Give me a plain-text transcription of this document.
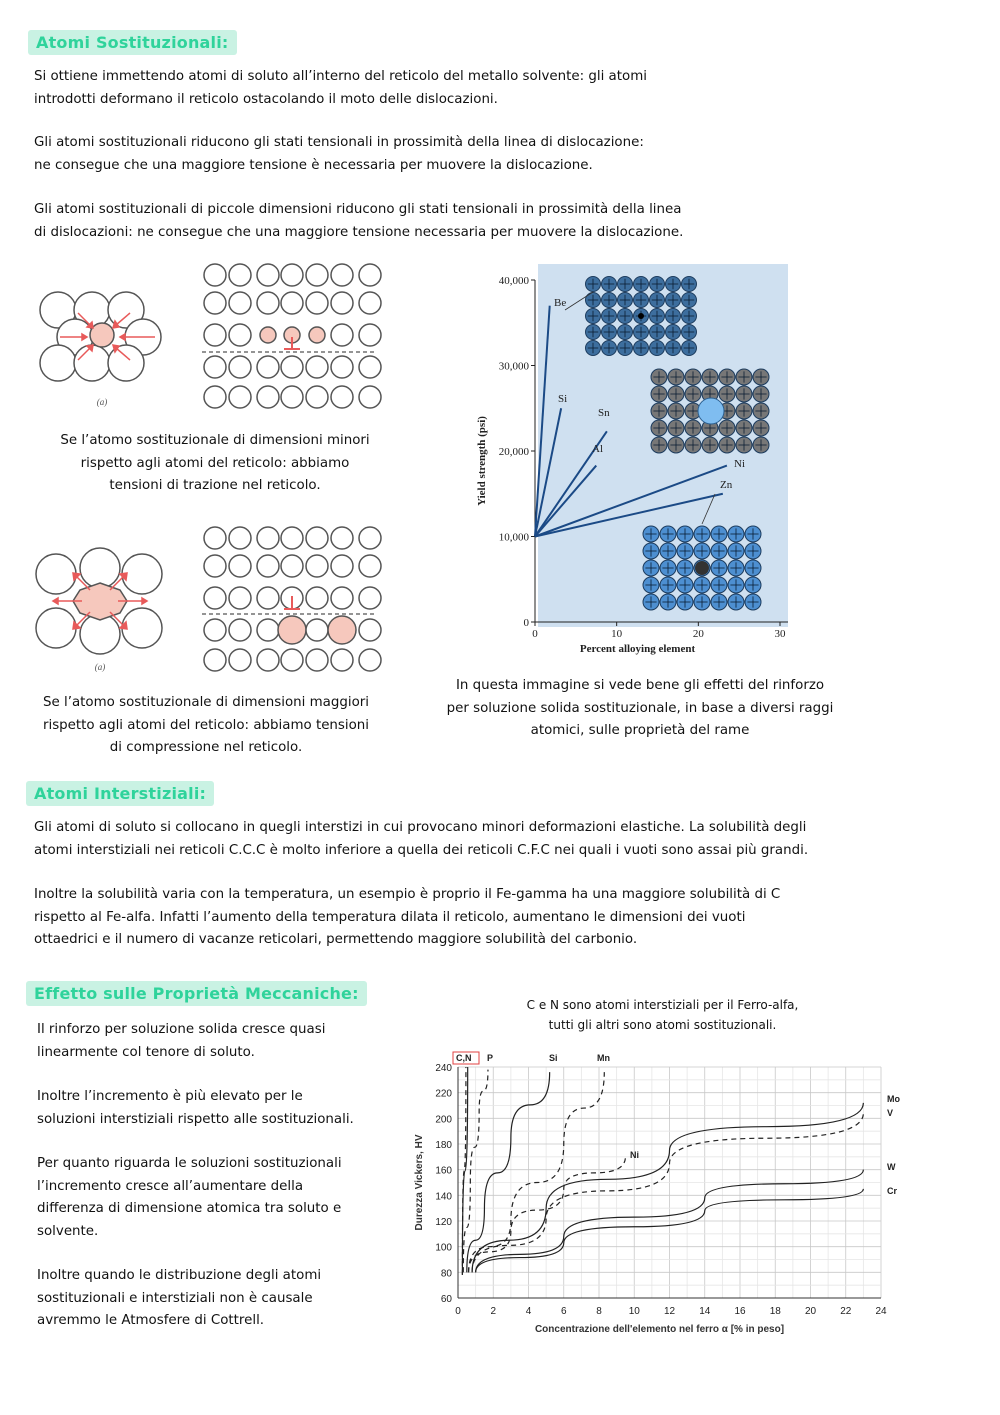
Atomi Sostituzionali:
Si ottiene immettendo atomi di soluto all’interno del reticolo del metallo solvente: gli atomi
introdotti deformano il reticolo ostacolando il moto delle dislocazioni.
Gli atomi sostituzionali riducono gli stati tensionali in prossimità della linea di dislocazione:
ne consegue che una maggiore tensione è necessaria per muovere la dislocazione.
Gli atomi sostituzionali di piccole dimensioni riducono gli stati tensionali in prossimità della linea
di dislocazioni: ne consegue che una maggiore tensione necessaria per muovere la dislocazione.
(a)
Se l’atomo sostituzionale di dimensioni minori
rispetto agli atomi del reticolo: abbiamo
tensioni di trazione nel reticolo.
(a)
Se l’atomo sostituzionale di dimensioni maggiori
rispetto agli atomi del reticolo: abbiamo tensioni
di compressione nel reticolo.
0
10,000
20,000
30,000
40,000
0	10	20	30
Percent alloying element
Yield strength (psi)
Be
Si
Sn
Al
Ni
Zn
In questa immagine si vede bene gli effetti del rinforzo
per soluzione solida sostituzionale, in base a diversi raggi
atomici, sulle proprietà del rame
Atomi Interstiziali:
Gli atomi di soluto si collocano in quegli interstizi in cui provocano minori deformazioni elastiche. La solubilità degli
atomi interstiziali nei reticoli C.C.C è molto inferiore a quella dei reticoli C.F.C nei quali i vuoti sono assai più grandi.
Inoltre la solubilità varia con la temperatura, un esempio è proprio il Fe-gamma ha una maggiore solubilità di C
rispetto al Fe-alfa. Infatti l’aumento della temperatura dilata il reticolo, aumentano le dimensioni dei vuoti
ottaedrici e il numero di vacanze reticolari, permettendo maggiore solubilità del carbonio.
Effetto sulle Proprietà Meccaniche:
Il rinforzo per soluzione solida cresce quasi
linearmente col tenore di soluto.
Inoltre l’incremento è più elevato per le
soluzioni interstiziali rispetto alle sostituzionali.
Per quanto riguarda le soluzioni sostituzionali
l’incremento cresce all’aumentare della
differenza di dimensione atomica tra soluto e
solvente.
Inoltre quando le distribuzione degli atomi
sostituzionali e interstiziali non è causale
avremmo le Atmosfere di Cottrell.
C e N sono atomi interstiziali per il Ferro-alfa,
tutti gli altri sono atomi sostituzionali.
0	2	4	6	8	10 12 14 16 18 20 22 24
60
80
100
120
140
160
180
200
220
240
Concentrazione dell'elemento nel ferro α [% in peso]
Durezza Vickers, HV
C,N P	Si	Mn
Ni
Mo
V
W
Cr
